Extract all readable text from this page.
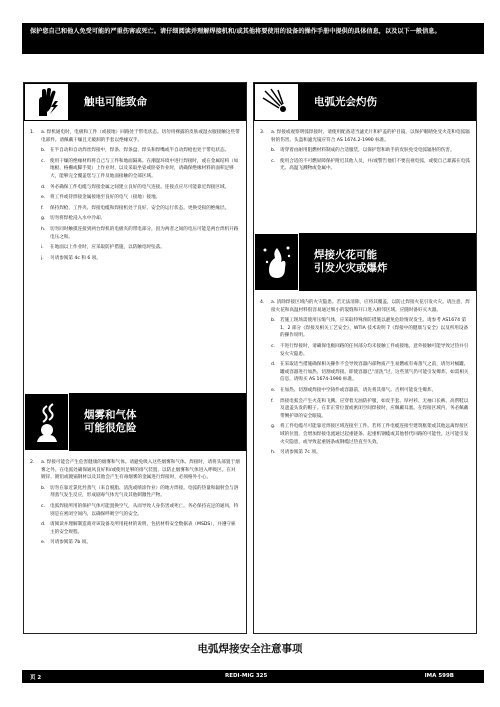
保护您自己和他人免受可能的严重伤害或死亡。请仔细阅读并理解焊接机和/或其他将要使用的设备的操作手册中提供的具体信息，以及以下一般信息。
触电可能致命
1.	a. 焊机通电时，电极和工件（或接地）回路处于带电状态。切勿用裸露的皮肤或湿衣服接触这些带电部件。请佩戴干燥且无破洞的手套以绝缘双手。
b.	在半自动和自动焊丝焊接中，焊条、焊条盘、焊头和焊嘴或半自动焊枪也处于带电状态。
c.	使用干燥的绝缘材料将自己与工件和地面隔离。在潮湿环境中进行焊接时，或在金属结构（如地板、格栅或脚手架）上作业时，以及采取坐姿或卧姿作业时，请确保绝缘材料的面积足够大，能够完全覆盖您与工件及地面接触的全部区域。
d.	务必确保工件电缆与焊接金属之间建立良好的电气连接。连接点应尽可能靠近焊接区域。
e.	将工件或待焊接金属接地至良好的电气（接地）接地。
f.	保持焊枪、工件夹、焊接电缆和焊接机处于良好、安全的运行状态。更换受损的绝缘层。
g.	切勿将焊枪浸入水中冷却。
h.	切勿同时触摸连接到两台焊机的电极夹的带电部分，因为两者之间的电压可能是两台焊机开路电压之和。
i.	在地面以上作业时，应采取防护措施，以防触电时坠落。
j.	另请参阅第 4c 和 6 项。
烟雾和气体
可能很危险
2.	a. 焊接可能会产生危害健康的烟雾和气体。请避免吸入这些烟雾和气体。焊接时，请将头部置于烟雾之外。在电弧处确保通风良好和/或使用足够的排气装置，以防止烟雾和气体进入呼吸区。在对镀锌、镀铅或镀镉钢材以及其他会产生有毒烟雾的金属进行焊接时，必须格外小心。
b.	切勿在靠近氯化烃蒸气（来自脱脂、清洗或喷涂作业）的地方焊接。电弧的热量和辐射会与溶剂蒸气发生反应，形成剧毒气体光气及其他刺激性产物。
c.	电弧焊接所用的保护气体可能置换空气，从而导致人身伤害或死亡。务必保持充足的通风，特别是在密闭空间内，以确保呼吸空气的安全。
d.	请阅读并理解制造商对该设备及所用耗材的说明，包括材料安全数据表（MSDS），并遵守雇主的安全规程。
e.	另请参阅第 7b 项。
电弧光会灼伤
3.	a. 焊接或观察明弧焊接时，请使用配备适当滤光片和护盖的护目镜，以保护眼睛免受火花和电弧辐射的伤害。头盔和滤光镜应符合 AS 1674.2-1990 标准。
b.	请穿着由耐用阻燃材料制成的合适服装，以保护您和助手的皮肤免受电弧辐射的伤害。
c.	使用合适的不可燃屏障保护附近其他人员，并/或警告他们不要直视电弧，或使自己暴露在电弧光、高温飞溅物或金属中。
焊接火花可能
引发火灾或爆炸
4.	a. 清除焊接区域内的火灾隐患。若无法清除，应将其覆盖，以防止焊接火花引发火灾。请注意，焊接火花和高温材料很容易通过细小的裂缝和开口进入相邻区域。应随时备好灭火器。
b.	若施工现场需使用压缩气体，应采取特殊预防措施以避免危险情况发生。请参考 AS1674 第 1、2 部分《焊接及相关工艺安全》，WTIA 技术说明 7《焊接中的健康与安全》以及所用设备的操作说明。
c.	不进行焊接时，请确保电极回路的任何部分均未接触工件或接地。意外接触可能导致过热并引发火灾隐患。
d.	在采取适当措施确保相关操作不会导致容器内部物质产生易燃或有毒蒸气之前，请勿对桶罐、罐或容器进行加热、切割或焊接。即使容器已“清洗”过，这些蒸气仍可能引发爆炸。如需相关信息，请购买 AS 1674-1990 标准。
e.	在加热、切割或焊接中空铸件或容器前，请先将其排气。否则可能发生爆炸。
f.	焊接电弧会产生火花和飞溅。应穿着无油防护服，如皮手套、厚衬衫、无袖口长裤、高帮鞋以及遮盖头发的帽子。在非正常位置或密闭空间焊接时，应佩戴耳塞。在焊接区域内，务必佩戴带侧护罩的安全眼镜。
g.	将工件电缆尽可能靠近焊接区域连接至工件。若将工件电缆连接至建筑框架或其他远离焊接区域的位置，会增加焊接电流通过起重链条、起重机钢缆或其他替代回路的可能性。这可能引发火灾隐患，或导致起重链条或钢缆过热直至失效。
h.	另请参阅第 7c 项。
电弧焊接安全注意事项
页 2	REDI-MIG 325	IMA 599B
